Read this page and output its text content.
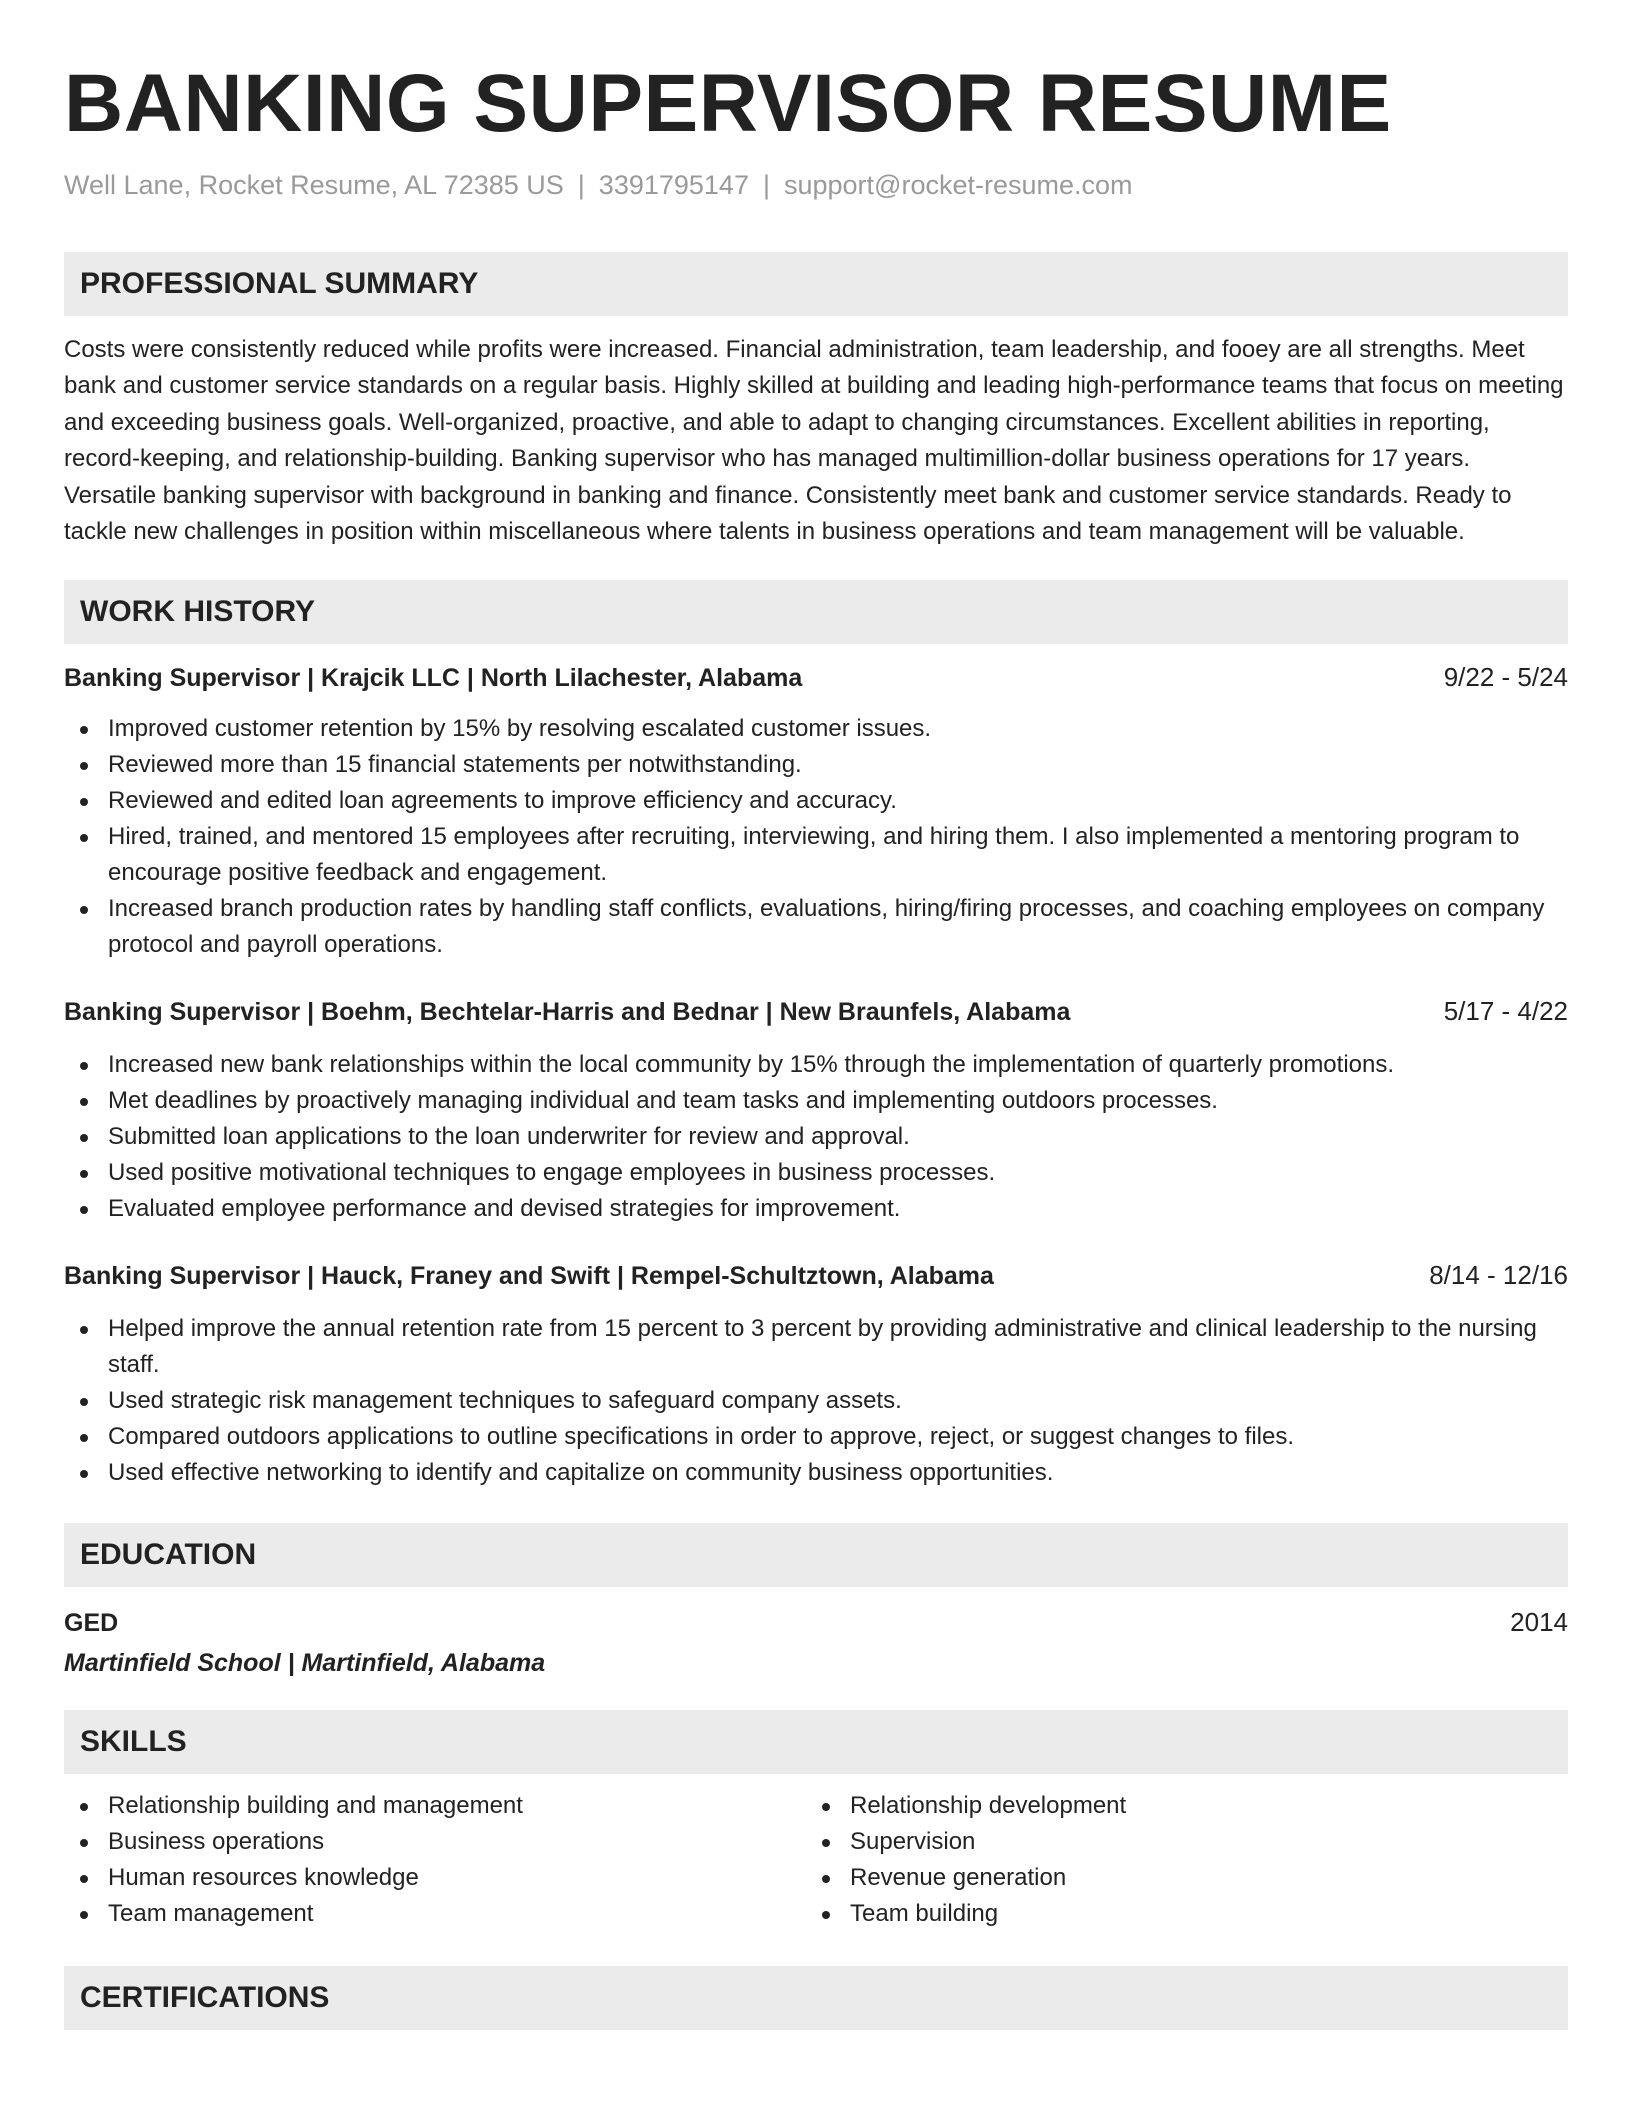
BANKING SUPERVISOR RESUME
Well Lane, Rocket Resume, AL 72385 US | 3391795147 | support@rocket-resume.com
PROFESSIONAL SUMMARY
Costs were consistently reduced while profits were increased. Financial administration, team leadership, and fooey are all strengths. Meet bank and customer service standards on a regular basis. Highly skilled at building and leading high-performance teams that focus on meeting and exceeding business goals. Well-organized, proactive, and able to adapt to changing circumstances. Excellent abilities in reporting, record-keeping, and relationship-building. Banking supervisor who has managed multimillion-dollar business operations for 17 years. Versatile banking supervisor with background in banking and finance. Consistently meet bank and customer service standards. Ready to tackle new challenges in position within miscellaneous where talents in business operations and team management will be valuable.
WORK HISTORY
Banking Supervisor | Krajcik LLC | North Lilachester, Alabama	9/22 - 5/24
Improved customer retention by 15% by resolving escalated customer issues.
Reviewed more than 15 financial statements per notwithstanding.
Reviewed and edited loan agreements to improve efficiency and accuracy.
Hired, trained, and mentored 15 employees after recruiting, interviewing, and hiring them. I also implemented a mentoring program to encourage positive feedback and engagement.
Increased branch production rates by handling staff conflicts, evaluations, hiring/firing processes, and coaching employees on company protocol and payroll operations.
Banking Supervisor | Boehm, Bechtelar-Harris and Bednar | New Braunfels, Alabama	5/17 - 4/22
Increased new bank relationships within the local community by 15% through the implementation of quarterly promotions.
Met deadlines by proactively managing individual and team tasks and implementing outdoors processes.
Submitted loan applications to the loan underwriter for review and approval.
Used positive motivational techniques to engage employees in business processes.
Evaluated employee performance and devised strategies for improvement.
Banking Supervisor | Hauck, Franey and Swift | Rempel-Schultztown, Alabama	8/14 - 12/16
Helped improve the annual retention rate from 15 percent to 3 percent by providing administrative and clinical leadership to the nursing staff.
Used strategic risk management techniques to safeguard company assets.
Compared outdoors applications to outline specifications in order to approve, reject, or suggest changes to files.
Used effective networking to identify and capitalize on community business opportunities.
EDUCATION
GED	2014
Martinfield School | Martinfield, Alabama
SKILLS
Relationship building and management
Business operations
Human resources knowledge
Team management
Relationship development
Supervision
Revenue generation
Team building
CERTIFICATIONS
